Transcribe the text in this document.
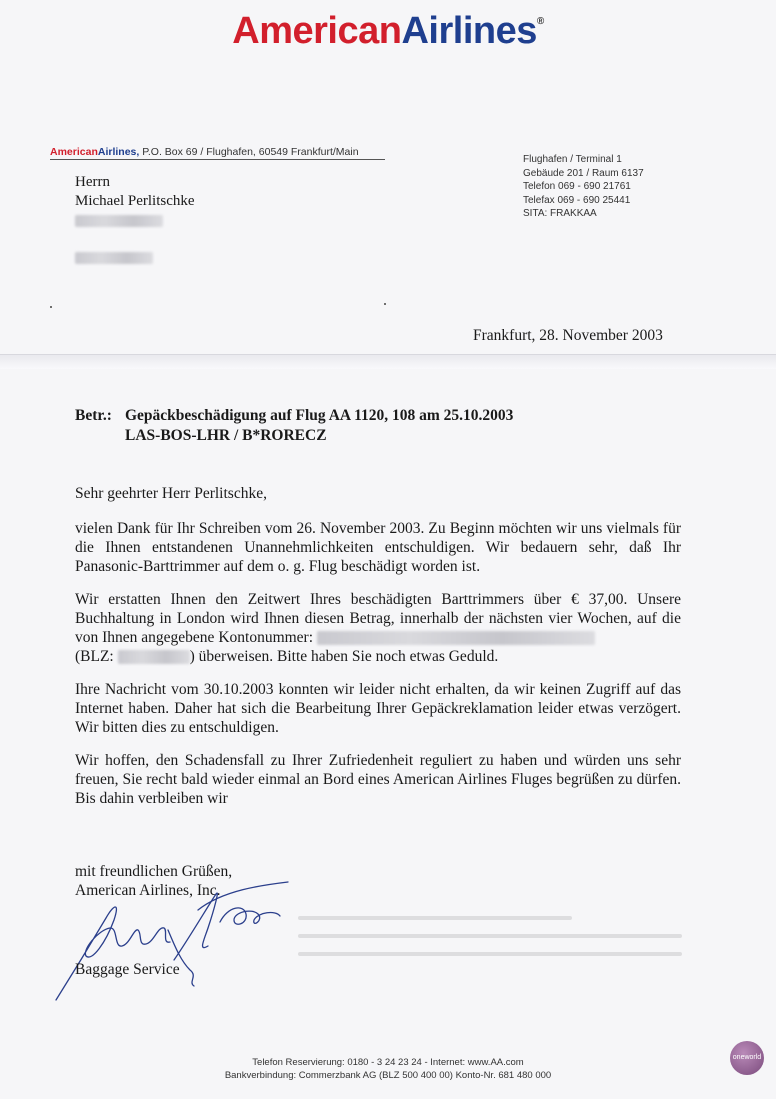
AmericanAirlines®
AmericanAirlines, P.O. Box 69 / Flughafen, 60549 Frankfurt/Main
Herrn
Michael Perlitschke
Flughafen / Terminal 1
Gebäude 201 / Raum 6137
Telefon 069 - 690 21761
Telefax 069 - 690 25441
SITA: FRAKKAA
Frankfurt, 28. November 2003
Betr.: Gepäckbeschädigung auf Flug AA 1120, 108 am 25.10.2003
LAS-BOS-LHR / B*RORECZ

Sehr geehrter Herr Perlitschke,

vielen Dank für Ihr Schreiben vom 26. November 2003. Zu Beginn möchten wir uns vielmals für die Ihnen entstandenen Unannehmlichkeiten entschuldigen. Wir bedauern sehr, daß Ihr Panasonic-Barttrimmer auf dem o. g. Flug beschädigt worden ist.

Wir erstatten Ihnen den Zeitwert Ihres beschädigten Barttrimmers über € 37,00. Unsere Buchhaltung in London wird Ihnen diesen Betrag, innerhalb der nächsten vier Wochen, auf die von Ihnen angegebene Kontonummer:
(BLZ:	) überweisen. Bitte haben Sie noch etwas Geduld.

Ihre Nachricht vom 30.10.2003 konnten wir leider nicht erhalten, da wir keinen Zugriff auf das Internet haben. Daher hat sich die Bearbeitung Ihrer Gepäckreklamation leider etwas verzögert. Wir bitten dies zu entschuldigen.

Wir hoffen, den Schadensfall zu Ihrer Zufriedenheit reguliert zu haben und würden uns sehr freuen, Sie recht bald wieder einmal an Bord eines American Airlines Fluges begrüßen zu dürfen. Bis dahin verbleiben wir

mit freundlichen Grüßen,
American Airlines, Inc.
Baggage Service
Telefon Reservierung: 0180 - 3 24 23 24 - Internet: www.AA.com
Bankverbindung: Commerzbank AG (BLZ 500 400 00) Konto-Nr. 681 480 000
oneworld
